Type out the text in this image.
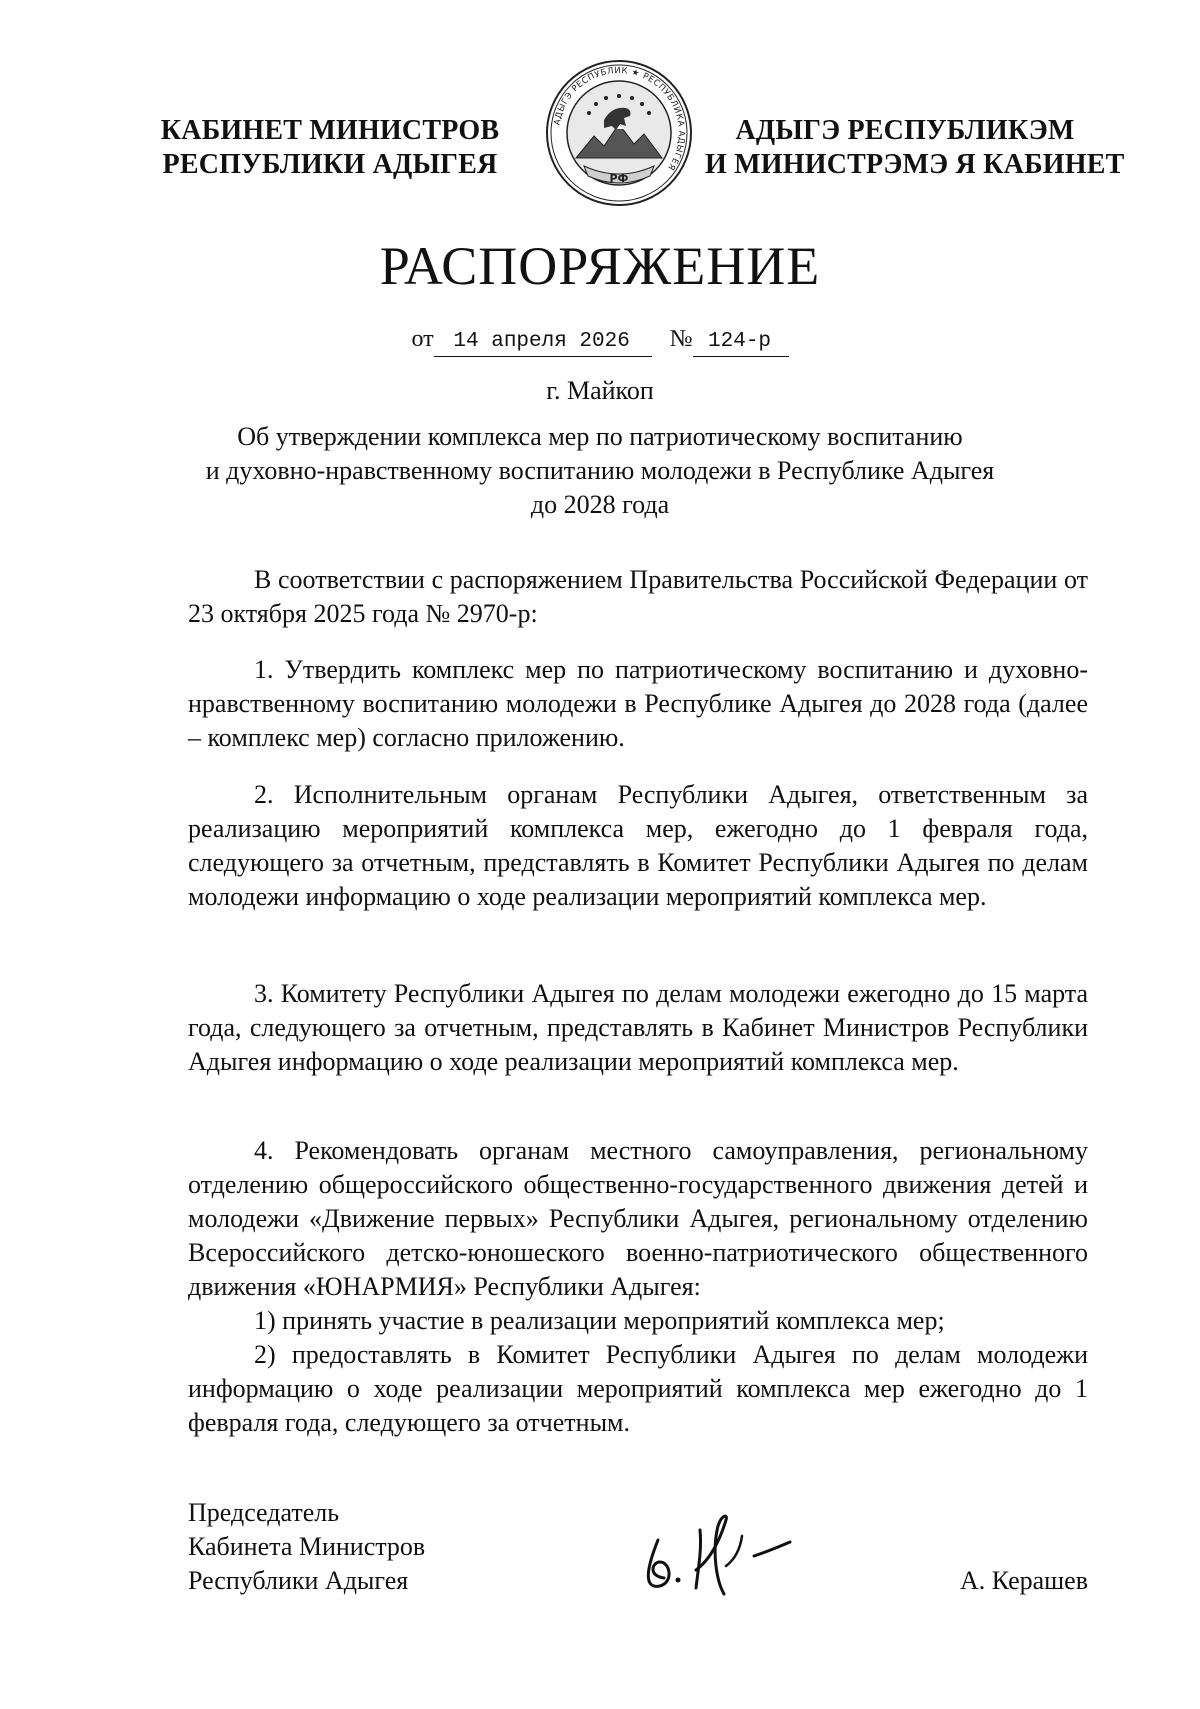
КАБИНЕТ МИНИСТРОВ
РЕСПУБЛИКИ АДЫГЕЯ
АДЫГЭ РЕСПУБЛИК ★ РЕСПУБЛИКА АДЫГЕЯ
РФ
АДЫГЭ РЕСПУБЛИКЭМ
И МИНИСТРЭМЭ Я КАБИНЕТ
РАСПОРЯЖЕНИЕ
от 14 апреля 2026 № 124-р
г. Майкоп
Об утверждении комплекса мер по патриотическому воспитанию
и духовно-нравственному воспитанию молодежи в Республике Адыгея
до 2028 года

В соответствии с распоряжением Правительства Российской Федерации от 23 октября 2025 года № 2970-р:

1. Утвердить комплекс мер по патриотическому воспитанию и духовно-нравственному воспитанию молодежи в Республике Адыгея до 2028 года (далее – комплекс мер) согласно приложению.

2. Исполнительным органам Республики Адыгея, ответственным за реализацию мероприятий комплекса мер, ежегодно до 1 февраля года, следующего за отчетным, представлять в Комитет Республики Адыгея по делам молодежи информацию о ходе реализации мероприятий комплекса мер.

3. Комитету Республики Адыгея по делам молодежи ежегодно до 15 марта года, следующего за отчетным, представлять в Кабинет Министров Республики Адыгея информацию о ходе реализации мероприятий комплекса мер.

4. Рекомендовать органам местного самоуправления, региональному отделению общероссийского общественно-государственного движения детей и молодежи «Движение первых» Республики Адыгея, региональному отделению Всероссийского детско-юношеского военно-патриотического общественного движения «ЮНАРМИЯ» Республики Адыгея:

1) принять участие в реализации мероприятий комплекса мер;

2) предоставлять в Комитет Республики Адыгея по делам молодежи информацию о ходе реализации мероприятий комплекса мер ежегодно до 1 февраля года, следующего за отчетным.

Председатель
Кабинета Министров
Республики Адыгея	А. Керашев
